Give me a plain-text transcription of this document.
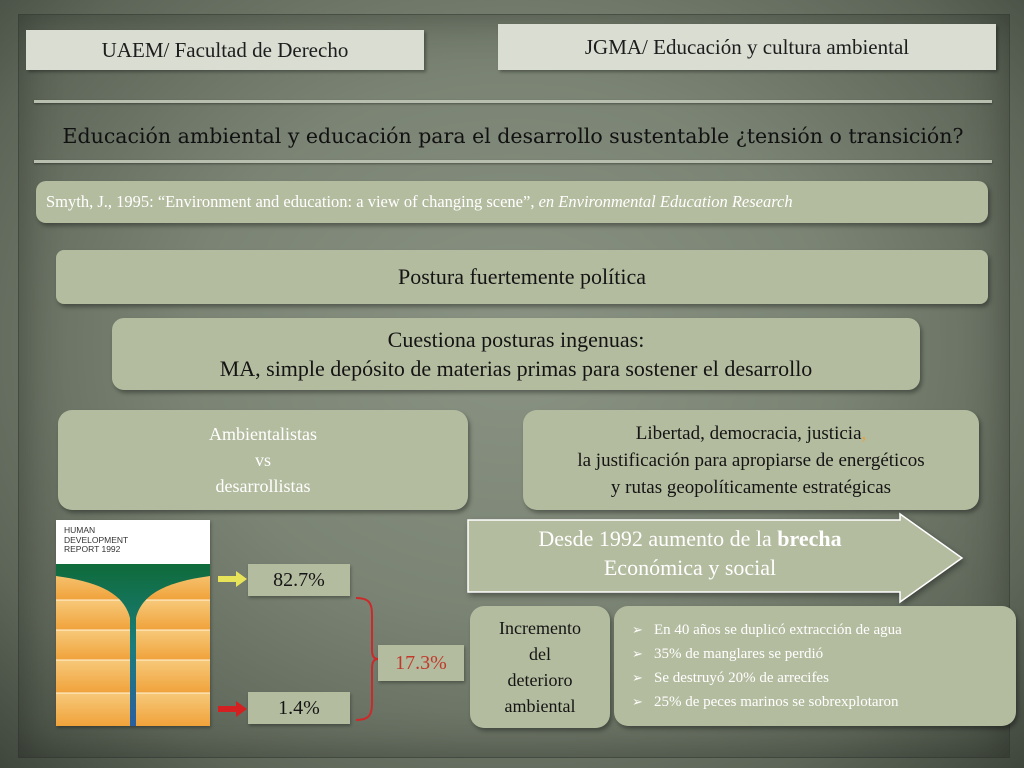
UAEM/ Facultad de Derecho	JGMA/ Educación y cultura ambiental
Educación ambiental y educación para el desarrollo sustentable ¿tensión o transición?
Smyth, J., 1995: “Environment and education: a view of changing scene”, en Environmental Education Research
Postura fuertemente política
Cuestiona posturas ingenuas:
MA, simple depósito de materias primas para sostener el desarrollo
Ambientalistas
vs
desarrollistas
Libertad, democracia, justicia,
la justificación para apropiarse de energéticos
y rutas geopolíticamente estratégicas
Desde 1992 aumento de la brecha
Económica y social
HUMAN
DEVELOPMENT
REPORT 1992
82.7%
1.4%
17.3%
Incremento
del
deterioro
ambiental
➢ En 40 años se duplicó extracción de agua
➢ 35% de manglares se perdió
➢ Se destruyó 20% de arrecifes
➢ 25% de peces marinos se sobrexplotaron
